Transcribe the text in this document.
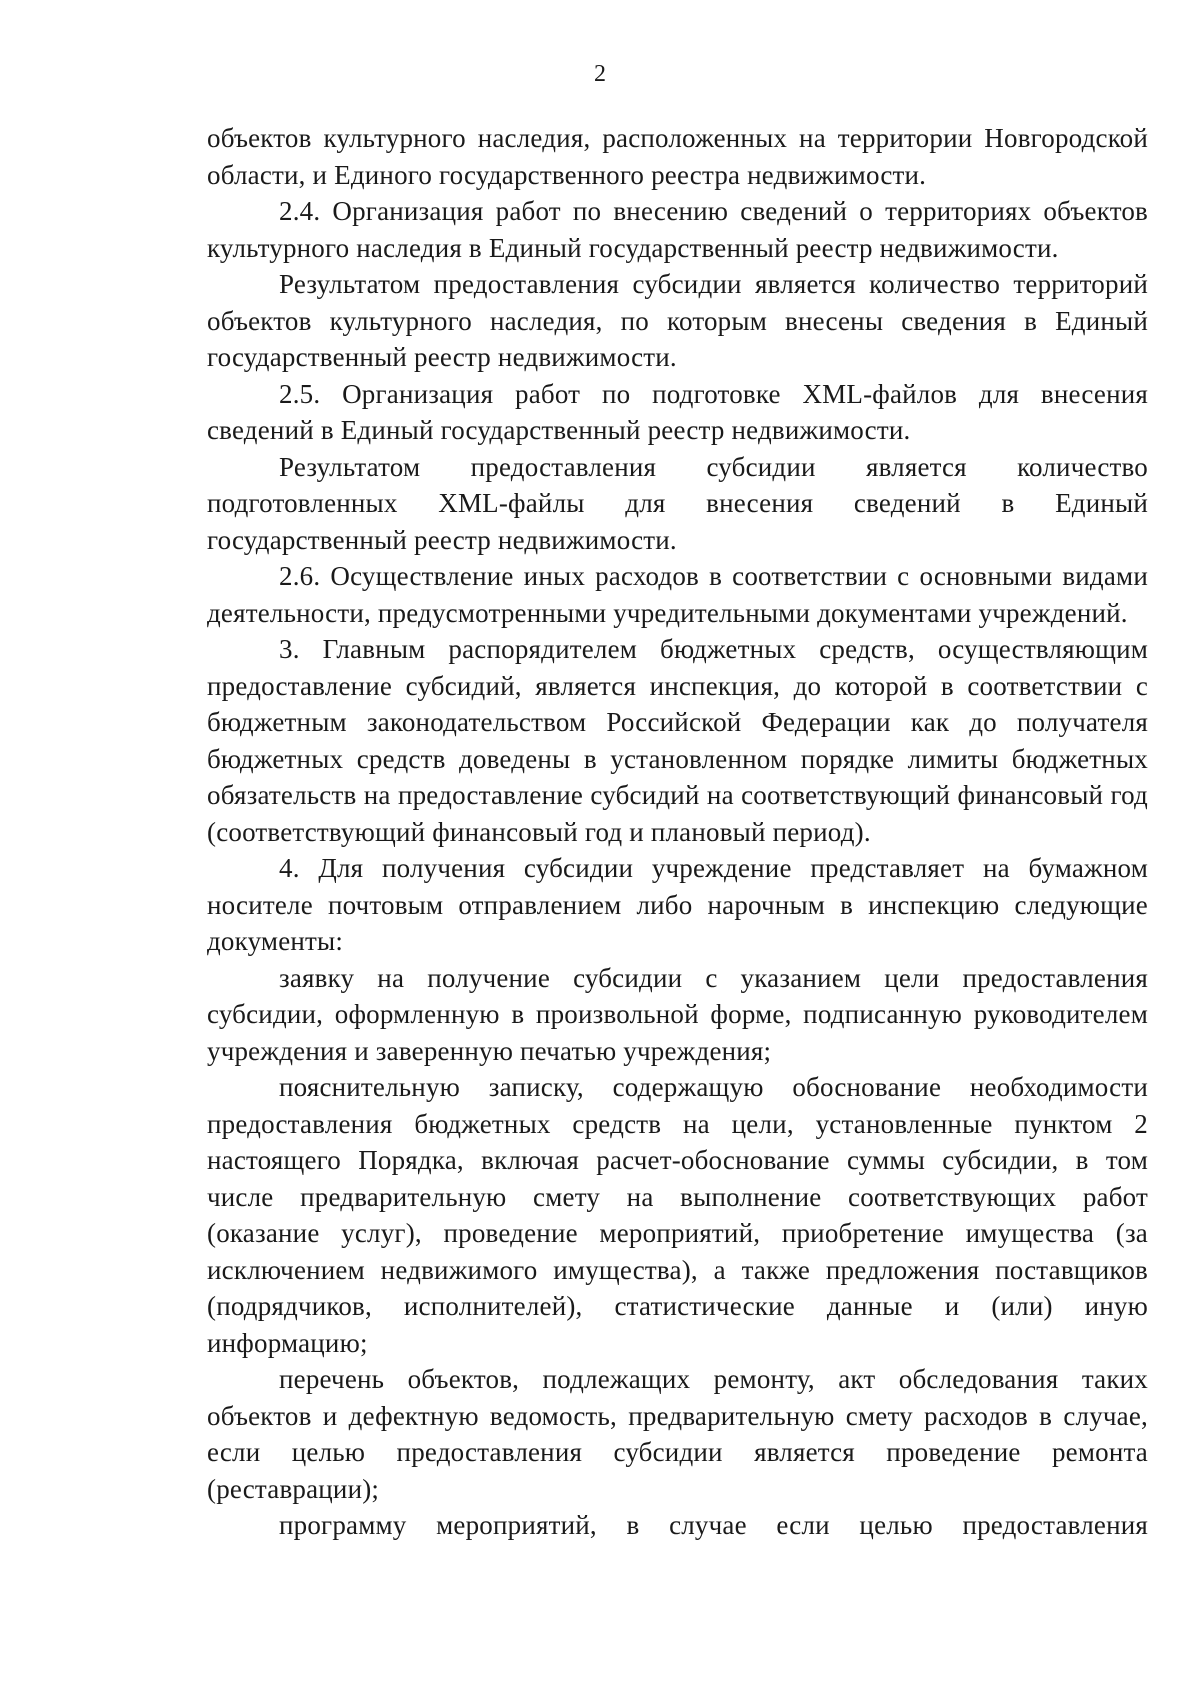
2

объектов культурного наследия, расположенных на территории Новгородской области, и Единого государственного реестра недвижимости.

2.4. Организация работ по внесению сведений о территориях объектов культурного наследия в Единый государственный реестр недвижимости.

Результатом предоставления субсидии является количество территорий объектов культурного наследия, по которым внесены сведения в Единый государственный реестр недвижимости.

2.5. Организация работ по подготовке XML-файлов для внесения сведений в Единый государственный реестр недвижимости.

Результатом предоставления субсидии является количество подготовленных XML-файлы для внесения сведений в Единый государственный реестр недвижимости.

2.6. Осуществление иных расходов в соответствии с основными видами деятельности, предусмотренными учредительными документами учреждений.

3. Главным распорядителем бюджетных средств, осуществляющим предоставление субсидий, является инспекция, до которой в соответствии с бюджетным законодательством Российской Федерации как до получателя бюджетных средств доведены в установленном порядке лимиты бюджетных обязательств на предоставление субсидий на соответствующий финансовый год (соответствующий финансовый год и плановый период).

4. Для получения субсидии учреждение представляет на бумажном носителе почтовым отправлением либо нарочным в инспекцию следующие документы:

заявку на получение субсидии с указанием цели предоставления субсидии, оформленную в произвольной форме, подписанную руководителем учреждения и заверенную печатью учреждения;

пояснительную записку, содержащую обоснование необходимости предоставления бюджетных средств на цели, установленные пунктом 2 настоящего Порядка, включая расчет-обоснование суммы субсидии, в том числе предварительную смету на выполнение соответствующих работ (оказание услуг), проведение мероприятий, приобретение имущества (за исключением недвижимого имущества), а также предложения поставщиков (подрядчиков, исполнителей), статистические данные и (или) иную информацию;

перечень объектов, подлежащих ремонту, акт обследования таких объектов и дефектную ведомость, предварительную смету расходов в случае, если целью предоставления субсидии является проведение ремонта (реставрации);

программу мероприятий, в случае если целью предоставления
